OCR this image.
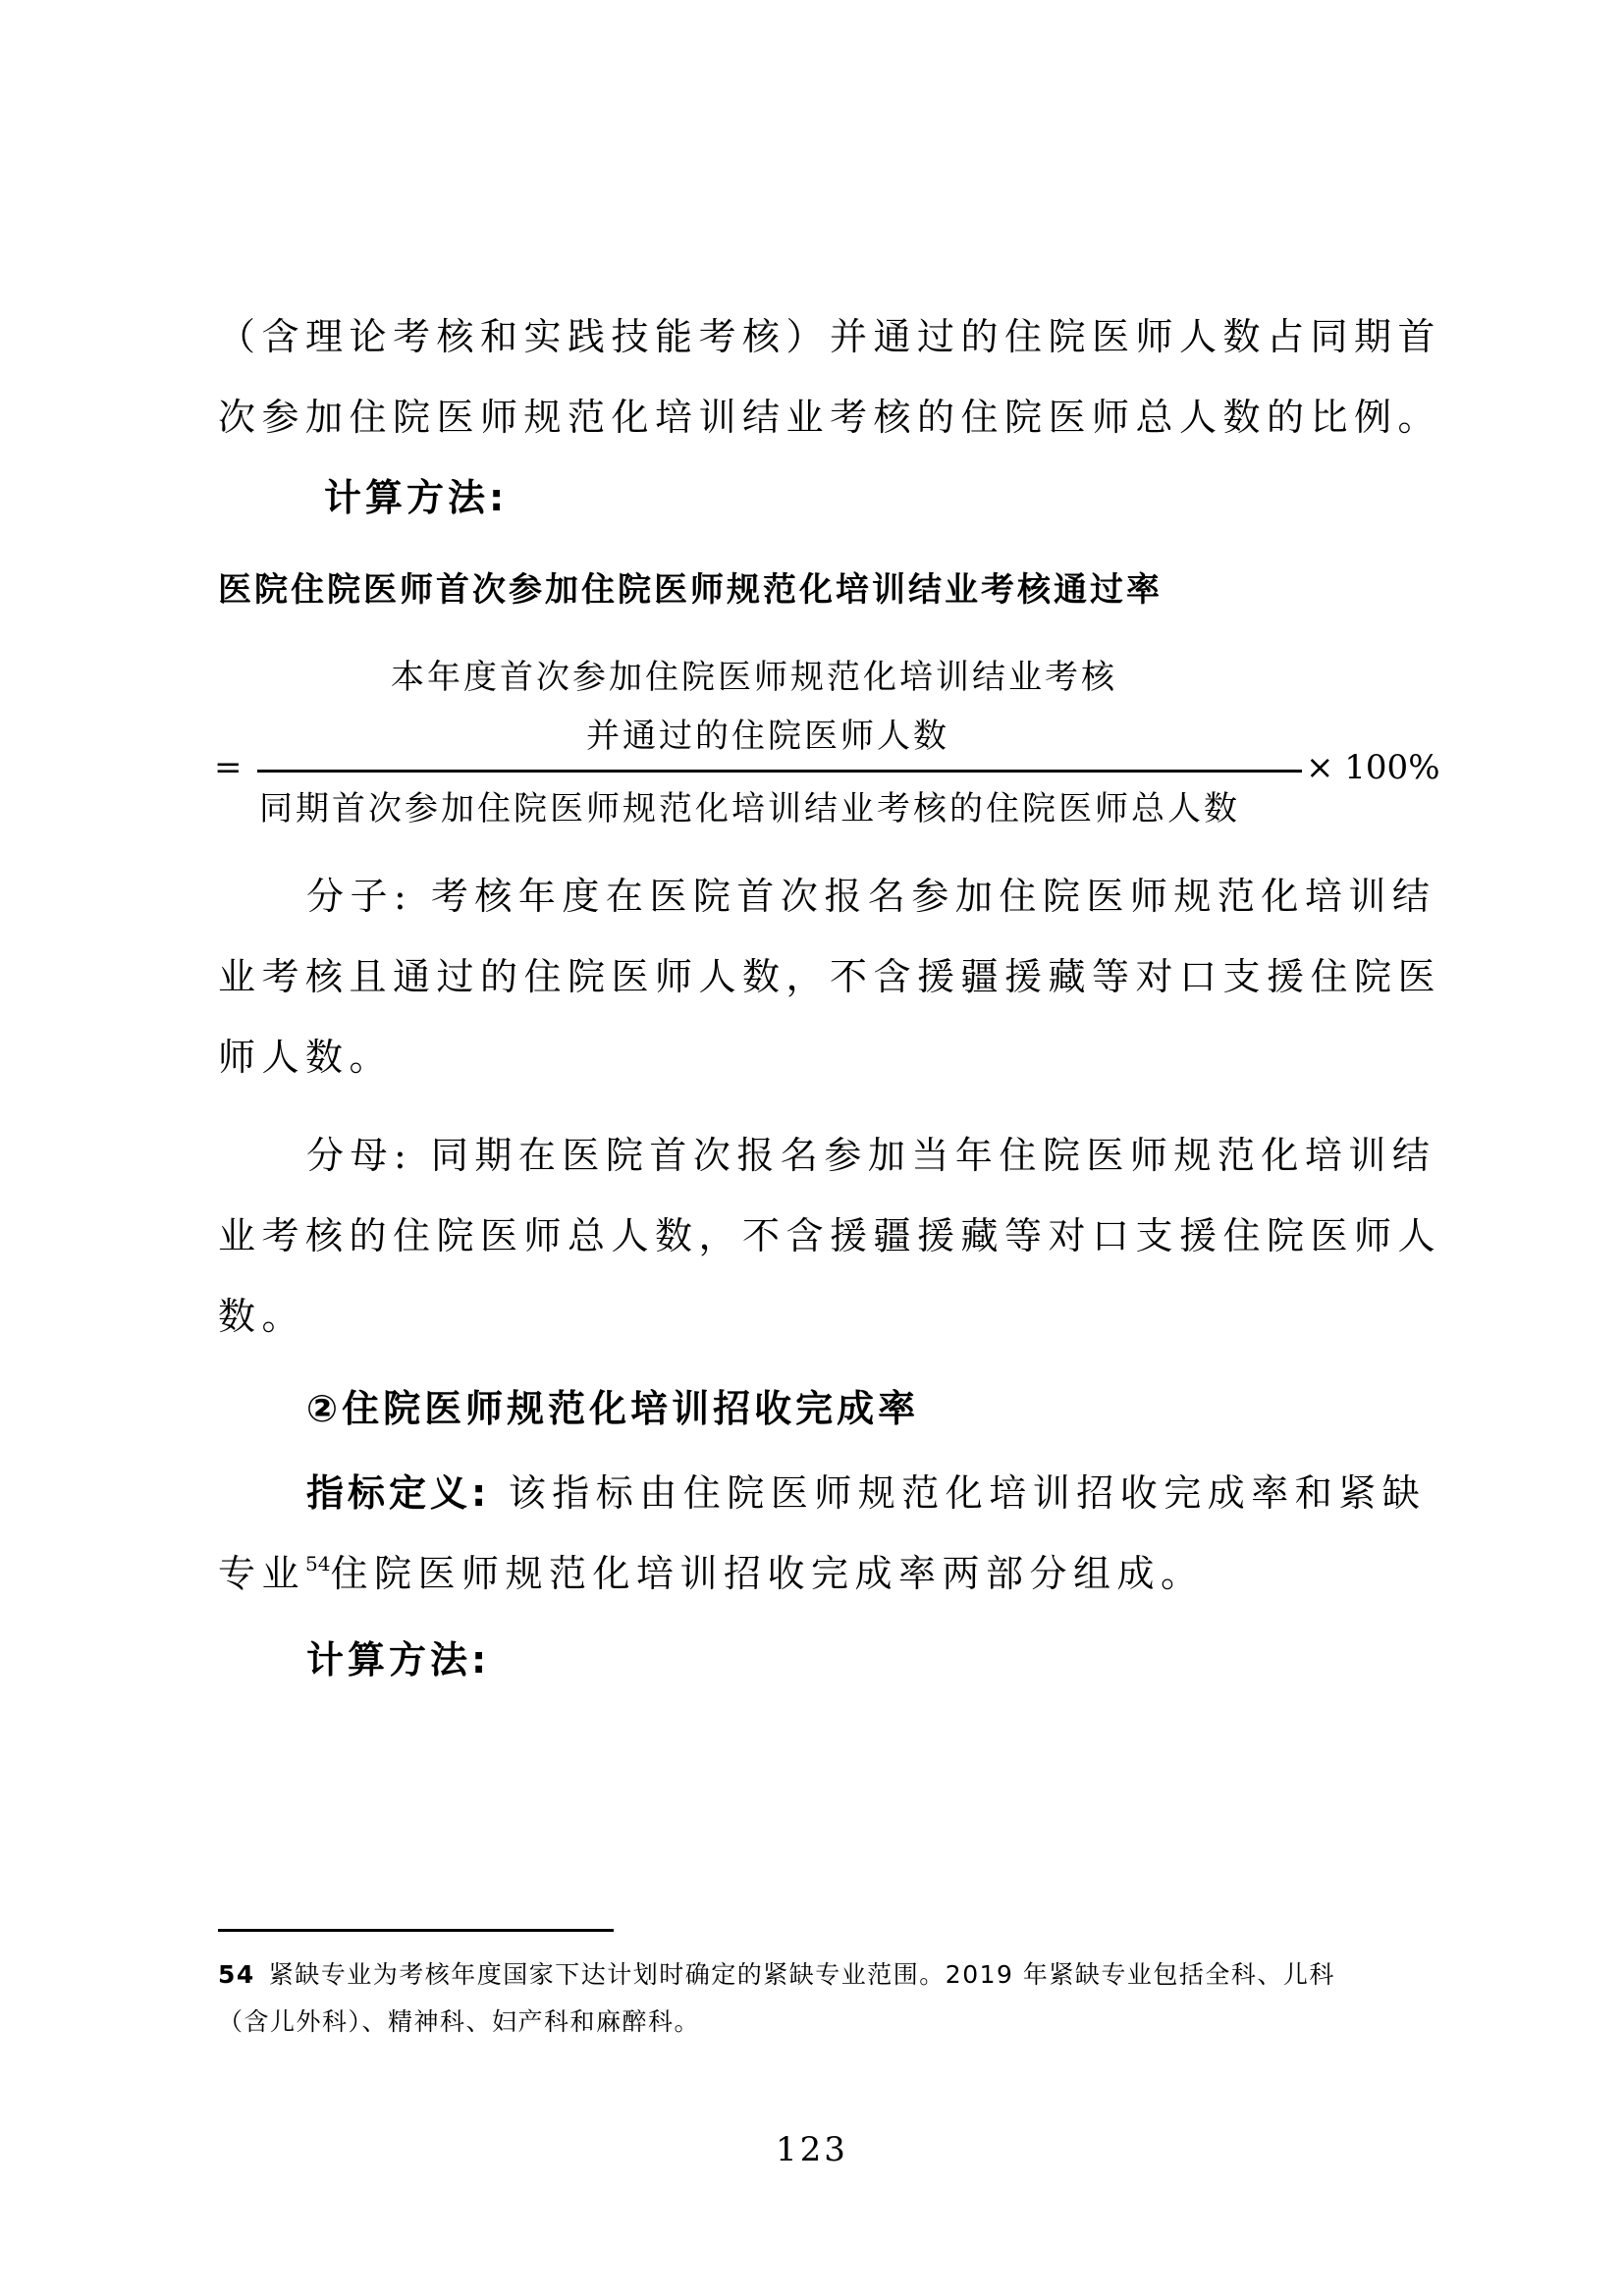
（含理论考核和实践技能考核）并通过的住院医师人数占同期首
次参加住院医师规范化培训结业考核的住院医师总人数的比例。
计算方法:
医院住院医师首次参加住院医师规范化培训结业考核通过率
本年度首次参加住院医师规范化培训结业考核
并通过的住院医师人数
=
同期首次参加住院医师规范化培训结业考核的住院医师总人数
× 100%
分子: 考核年度在医院首次报名参加住院医师规范化培训结
业考核且通过的住院医师人数，不含援疆援藏等对口支援住院医
师人数。
分母: 同期在医院首次报名参加当年住院医师规范化培训结
业考核的住院医师总人数，不含援疆援藏等对口支援住院医师人
数。
②住院医师规范化培训招收完成率
指标定义: 该指标由住院医师规范化培训招收完成率和紧缺
专业$^{54}$住院医师规范化培训招收完成率两部分组成。
计算方法:
54 紧缺专业为考核年度国家下达计划时确定的紧缺专业范围。2019 年紧缺专业包括全科、儿科
（含儿外科）、精神科、妇产科和麻醉科。
123
